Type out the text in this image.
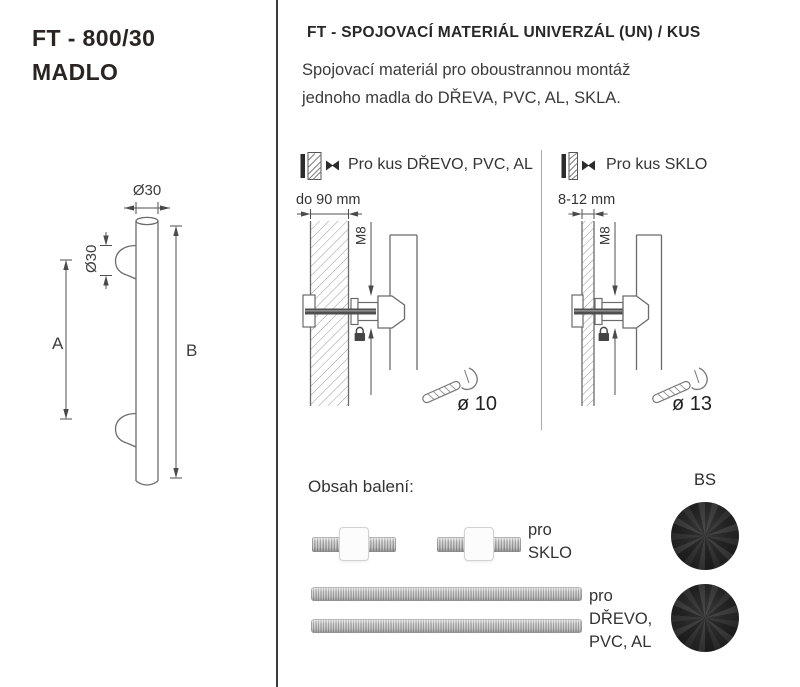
FT - 800/30
MADLO
Ø30
Ø30
A	B
FT - SPOJOVACÍ MATERIÁL UNIVERZÁL (UN) / KUS
Spojovací materiál pro oboustrannou montáž
jednoho madla do DŘEVA, PVC, AL, SKLA.
Pro kus DŘEVO, PVC, AL	Pro kus SKLO
do 90 mm
M8
ø 10
8-12 mm
M8
ø 13
Obsah balení:
pro
SKLO
pro
DŘEVO,
PVC, AL
BS
